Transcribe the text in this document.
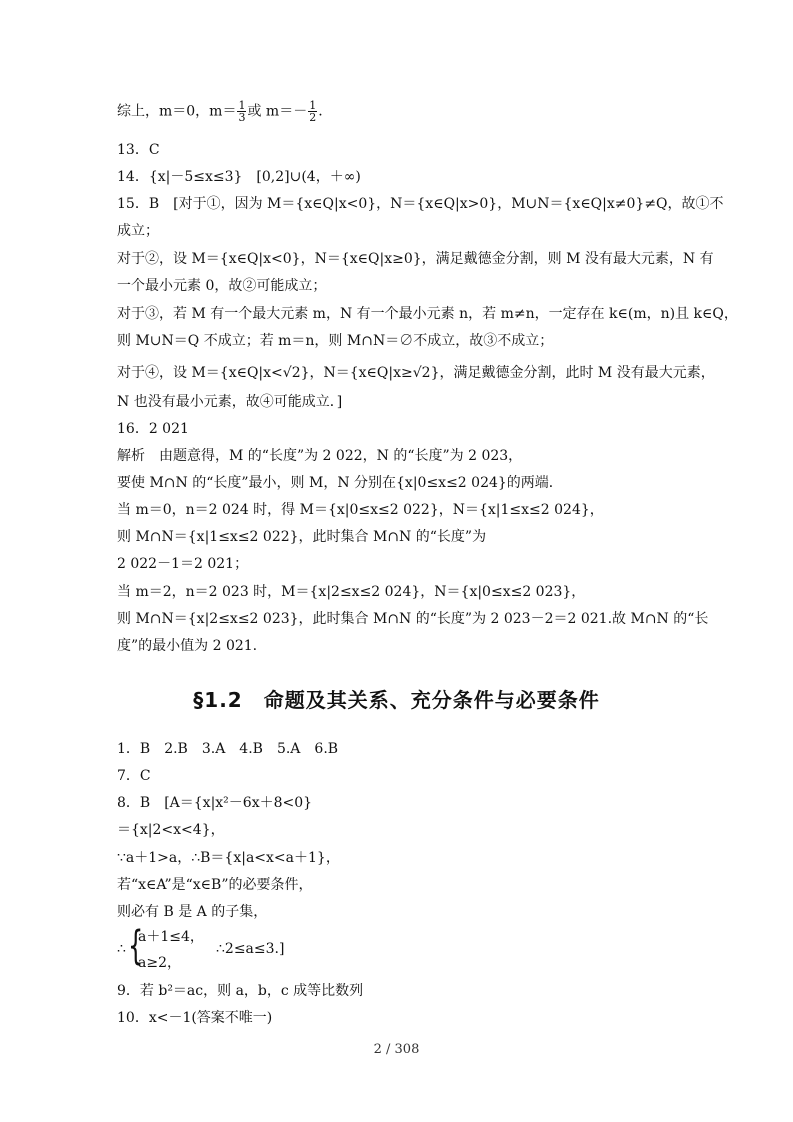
综上，m＝0，$m= \frac{1}{3}$ 或 $m=- \frac{1}{2}$ .
13．C
14．{x|－5≤x≤3}　[0,2]∪(4，＋∞)
15．B　[对于①，因为 M＝{x∈Q|x<0}，N＝{x∈Q|x>0}，M∪N＝{x∈Q|x≠0}≠Q，故①不
成立；
对于②，设 M＝{x∈Q|x<0}，N＝{x∈Q|x≥0}，满足戴德金分割，则 M 没有最大元素，N 有
一个最小元素 0，故②可能成立；
对于③，若 M 有一个最大元素 m，N 有一个最小元素 n，若 m≠n，一定存在 k∈(m，n)且 k∈Q，
则 M∪N＝Q 不成立；若 m＝n，则 M∩N＝∅不成立，故③不成立；
对于④，设 M＝{x∈Q|x<√2}，N＝{x∈Q|x≥√2}，满足戴德金分割，此时 M 没有最大元素，
N 也没有最小元素，故④可能成立．]
16．2 021
解析　由题意得，M 的“长度”为 2 022，N 的“长度”为 2 023，
要使 M∩N 的“长度”最小，则 M，N 分别在{x|0≤x≤2 024}的两端．
当 m＝0，n＝2 024 时，得 M＝{x|0≤x≤2 022}，N＝{x|1≤x≤2 024}，
则 M∩N＝{x|1≤x≤2 022}，此时集合 M∩N 的“长度”为
2 022－1＝2 021；
当 m＝2，n＝2 023 时，M＝{x|2≤x≤2 024}，N＝{x|0≤x≤2 023}，
则 M∩N＝{x|2≤x≤2 023}，此时集合 M∩N 的“长度”为 2 023－2＝2 021.故 M∩N 的“长
度”的最小值为 2 021.
§1.2　命题及其关系、充分条件与必要条件
1．B　2.B　3.A　4.B　5.A　6.B
7．C
8．B　[A＝{x|x²－6x＋8<0}
＝{x|2<x<4}，
∵a＋1>a，∴B＝{x|a<x<a＋1}，
若“x∈A”是“x∈B”的必要条件，
则必有 B 是 A 的子集，
∴ {
a＋1≤4，
a≥2，
∴2≤a≤3.]
9．若 b²＝ac，则 a，b，c 成等比数列
10．x<－1(答案不唯一)
2 / 308
